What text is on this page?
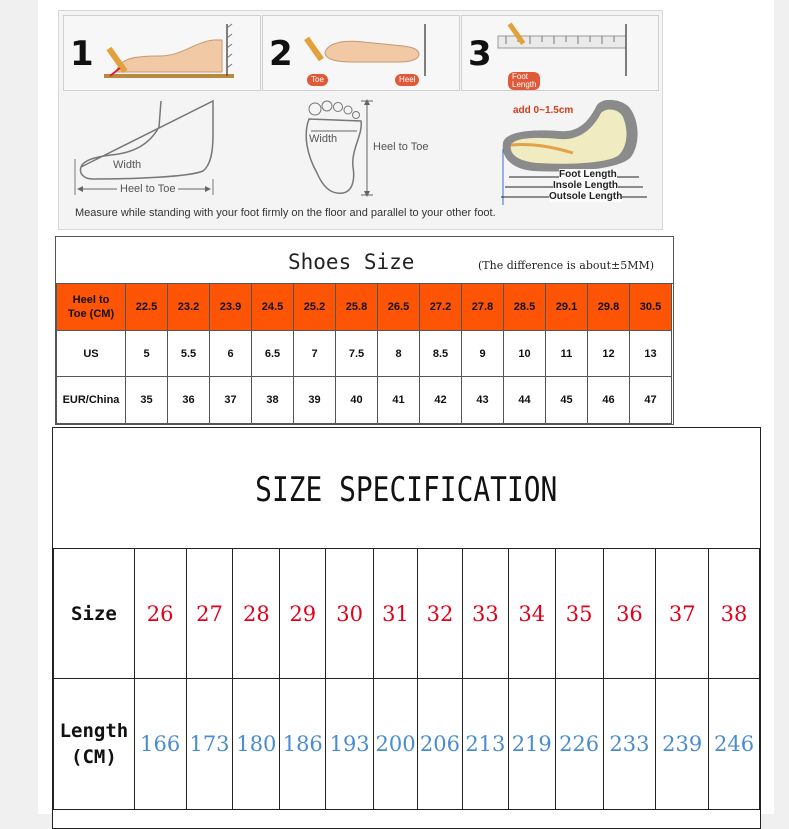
1	2
Toe	Heel
3
Foot
Length
Width
Heel to Toe
Width
Heel to Toe
add 0~1.5cm
Foot Length
Insole Length
Outsole Length
Measure while standing with your foot firmly on the floor and parallel to your other foot.
Shoes Size	(The difference is about±5MM)
Heel to
Toe (CM)	22.5	23.2	23.9	24.5	25.2	25.8	26.5	27.2	27.8	28.5	29.1	29.8	30.5
US	5	5.5	6	6.5	7	7.5	8	8.5	9	10	11	12	13
EUR/China	35	36	37	38	39	40	41	42	43	44	45	46	47
SIZE SPECIFICATION
Size	26	27	28	29	30	31	32	33	34	35	36	37	38
Length
(CM)	166	173	180	186	193	200	206	213	219	226	233	239	246
